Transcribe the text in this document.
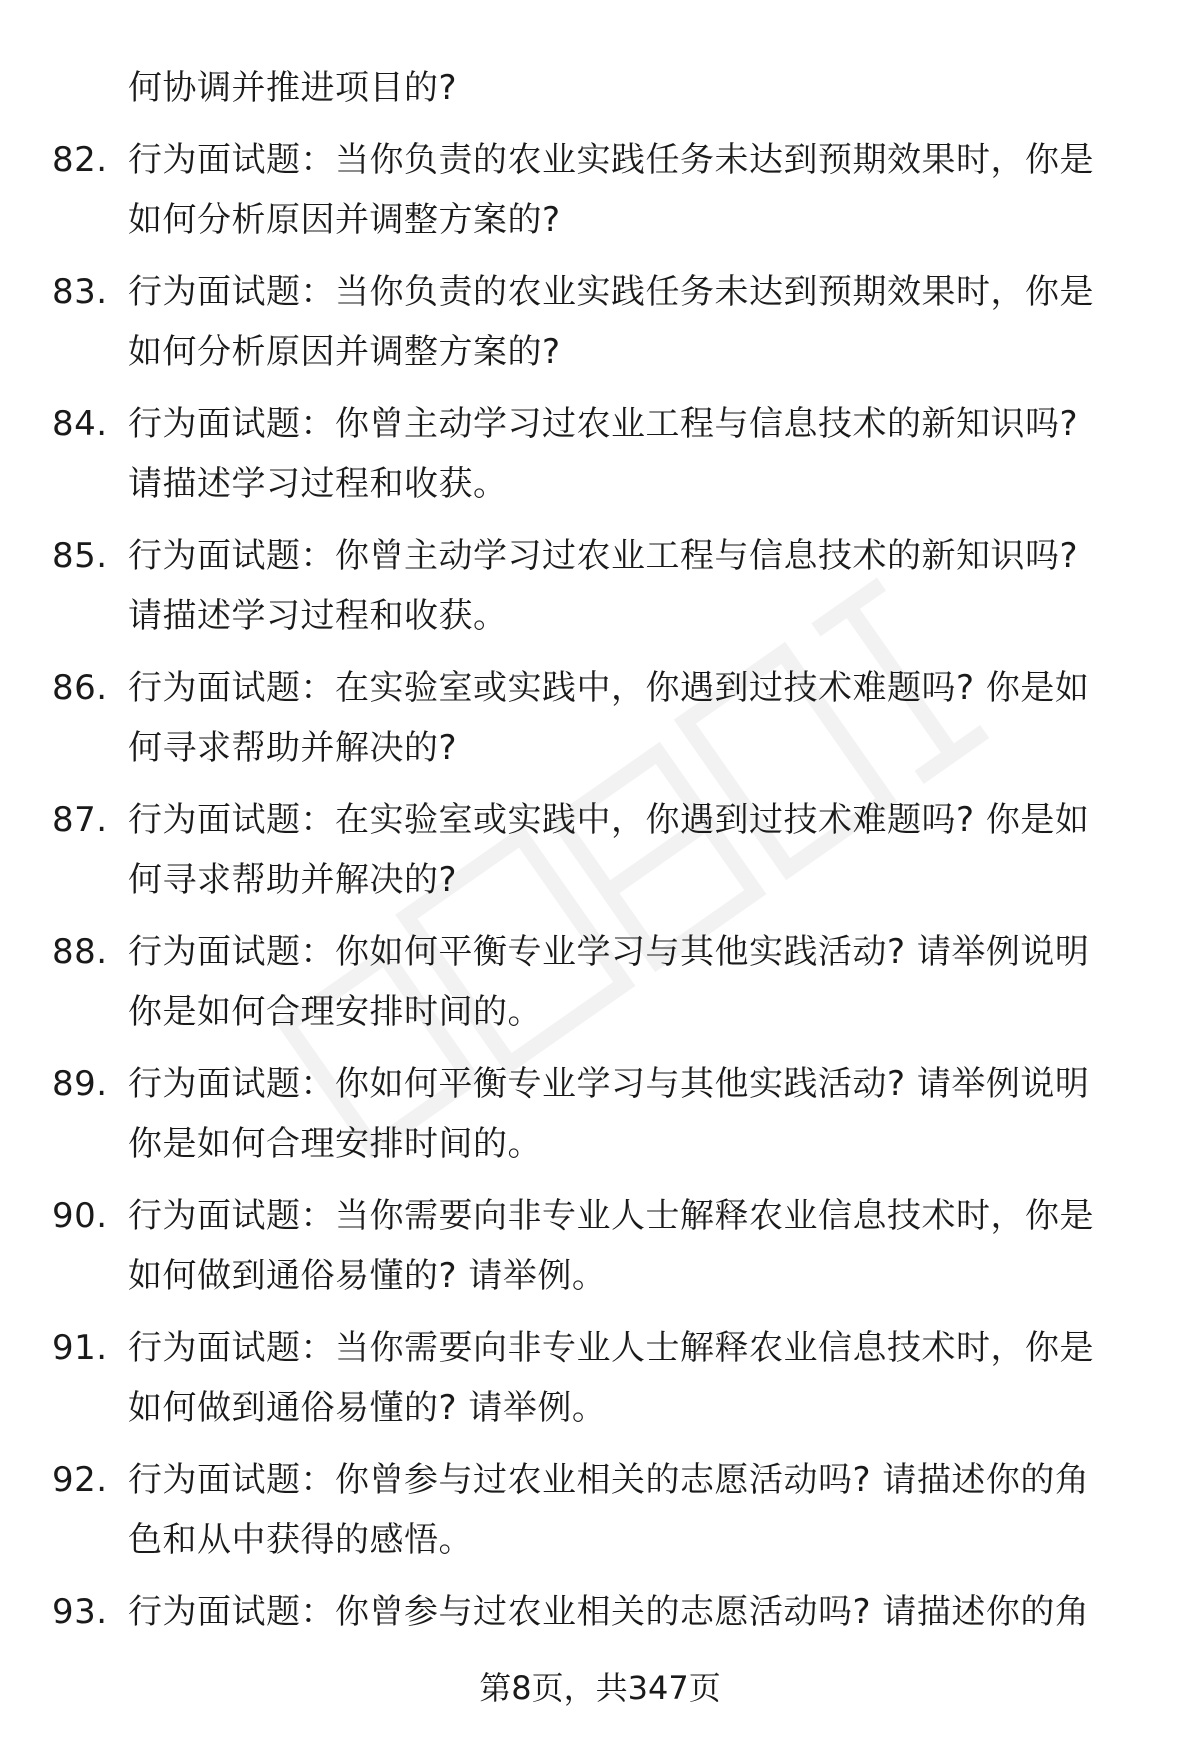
何协调并推进项目的?
82. 行为面试题：当你负责的农业实践任务未达到预期效果时，你是
如何分析原因并调整方案的?
83. 行为面试题：当你负责的农业实践任务未达到预期效果时，你是
如何分析原因并调整方案的?
84. 行为面试题：你曾主动学习过农业工程与信息技术的新知识吗?
请描述学习过程和收获。
85. 行为面试题：你曾主动学习过农业工程与信息技术的新知识吗?
请描述学习过程和收获。
86. 行为面试题：在实验室或实践中，你遇到过技术难题吗? 你是如
何寻求帮助并解决的?
87. 行为面试题：在实验室或实践中，你遇到过技术难题吗? 你是如
何寻求帮助并解决的?
88. 行为面试题：你如何平衡专业学习与其他实践活动? 请举例说明
你是如何合理安排时间的。
89. 行为面试题：你如何平衡专业学习与其他实践活动? 请举例说明
你是如何合理安排时间的。
90. 行为面试题：当你需要向非专业人士解释农业信息技术时，你是
如何做到通俗易懂的? 请举例。
91. 行为面试题：当你需要向非专业人士解释农业信息技术时，你是
如何做到通俗易懂的? 请举例。
92. 行为面试题：你曾参与过农业相关的志愿活动吗? 请描述你的角
色和从中获得的感悟。
93. 行为面试题：你曾参与过农业相关的志愿活动吗? 请描述你的角
第8页，共347页
